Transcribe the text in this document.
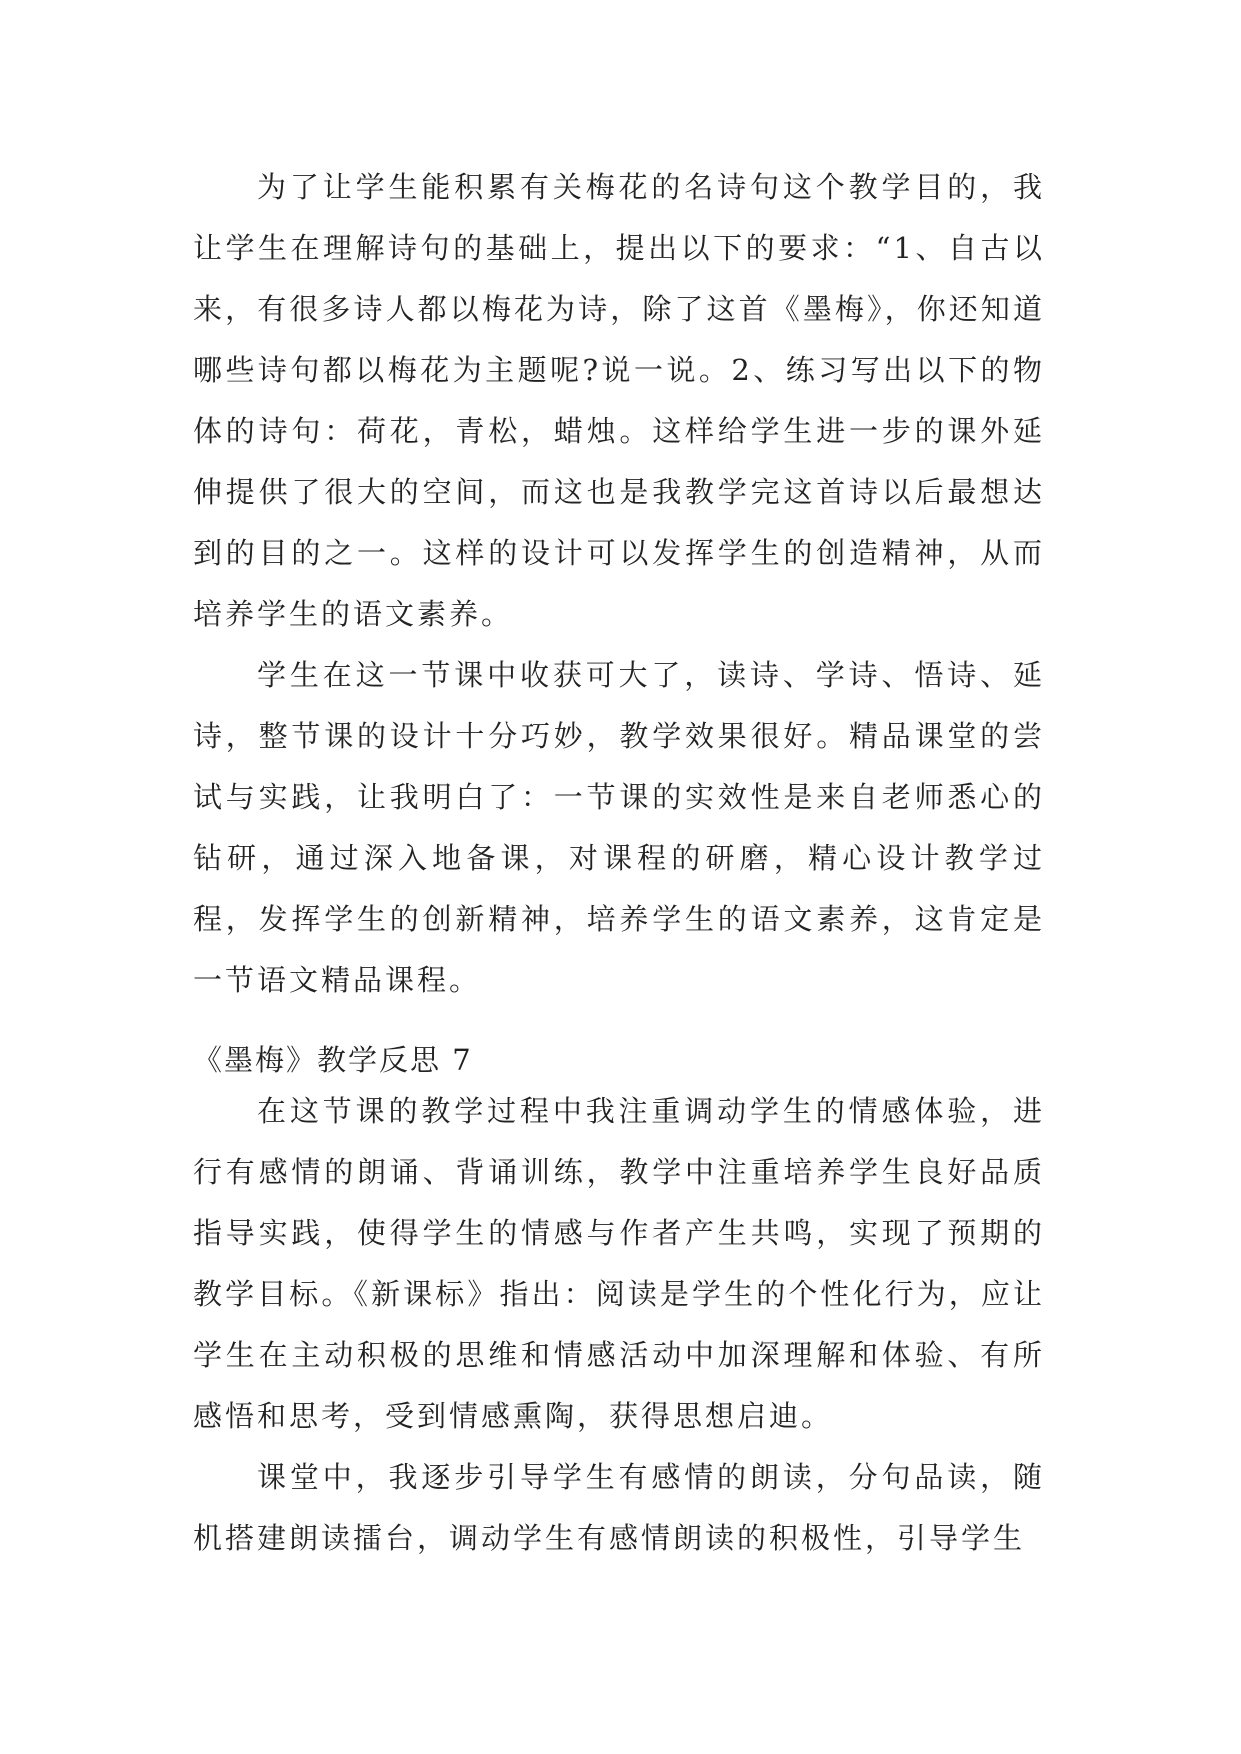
为了让学生能积累有关梅花的名诗句这个教学目的，我让学生在理解诗句的基础上，提出以下的要求：“1、自古以来，有很多诗人都以梅花为诗，除了这首《墨梅》，你还知道哪些诗句都以梅花为主题呢?说一说。2、练习写出以下的物体的诗句：荷花，青松，蜡烛。这样给学生进一步的课外延伸提供了很大的空间，而这也是我教学完这首诗以后最想达到的目的之一。这样的设计可以发挥学生的创造精神，从而培养学生的语文素养。

学生在这一节课中收获可大了，读诗、学诗、悟诗、延诗，整节课的设计十分巧妙，教学效果很好。精品课堂的尝试与实践，让我明白了：一节课的实效性是来自老师悉心的钻研，通过深入地备课，对课程的研磨，精心设计教学过程，发挥学生的创新精神，培养学生的语文素养，这肯定是一节语文精品课程。

《墨梅》教学反思 7

在这节课的教学过程中我注重调动学生的情感体验，进行有感情的朗诵、背诵训练，教学中注重培养学生良好品质指导实践，使得学生的情感与作者产生共鸣，实现了预期的教学目标。《新课标》指出：阅读是学生的个性化行为，应让学生在主动积极的思维和情感活动中加深理解和体验、有所感悟和思考，受到情感熏陶，获得思想启迪。

课堂中，我逐步引导学生有感情的朗读，分句品读，随机搭建朗读擂台，调动学生有感情朗读的积极性，引导学生
